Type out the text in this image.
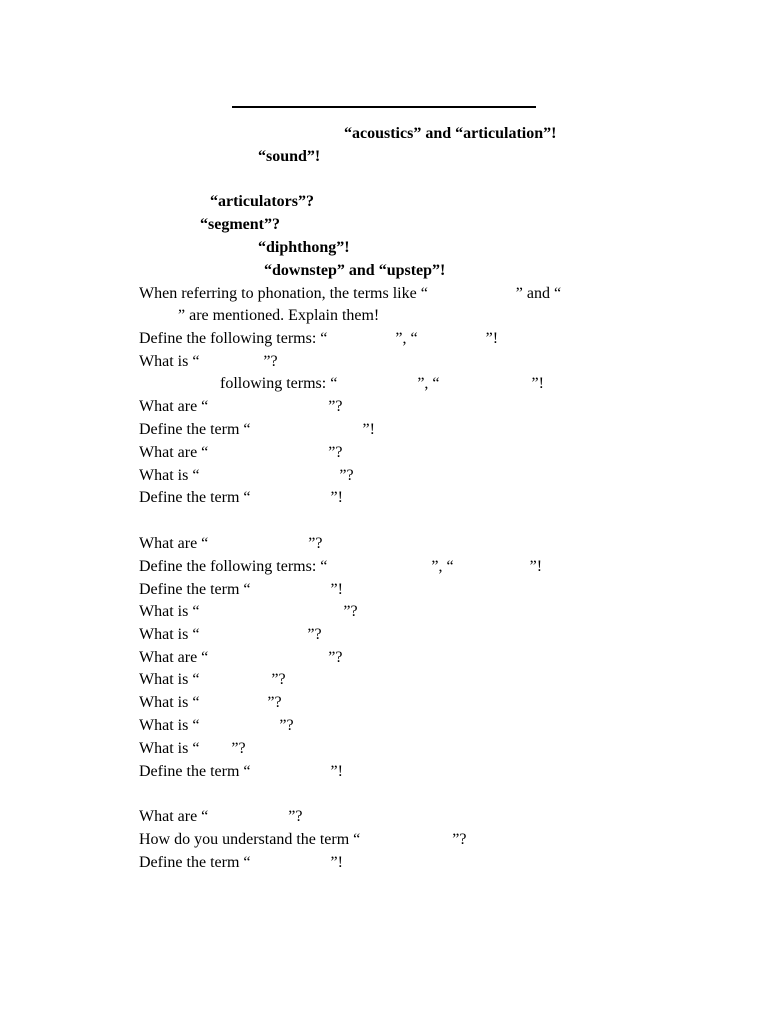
“acoustics” and “articulation”!
“sound”!
“articulators”?
“segment”?
“diphthong”!
“downstep” and “upstep”!
When referring to phonation, the terms like “                      ” and “
” are mentioned. Explain them!
Define the following terms: “                 ”, “                 ”!
What is “                ”?
following terms: “                    ”, “                       ”!
What are “                              ”?
Define the term “                            ”!
What are “                              ”?
What is “                                   ”?
Define the term “                    ”!
What are “                         ”?
Define the following terms: “                          ”, “                   ”!
Define the term “                    ”!
What is “                                    ”?
What is “                           ”?
What are “                              ”?
What is “                  ”?
What is “                 ”?
What is “                    ”?
What is “        ”?
Define the term “                    ”!
What are “                    ”?
How do you understand the term “                       ”?
Define the term “                    ”!
